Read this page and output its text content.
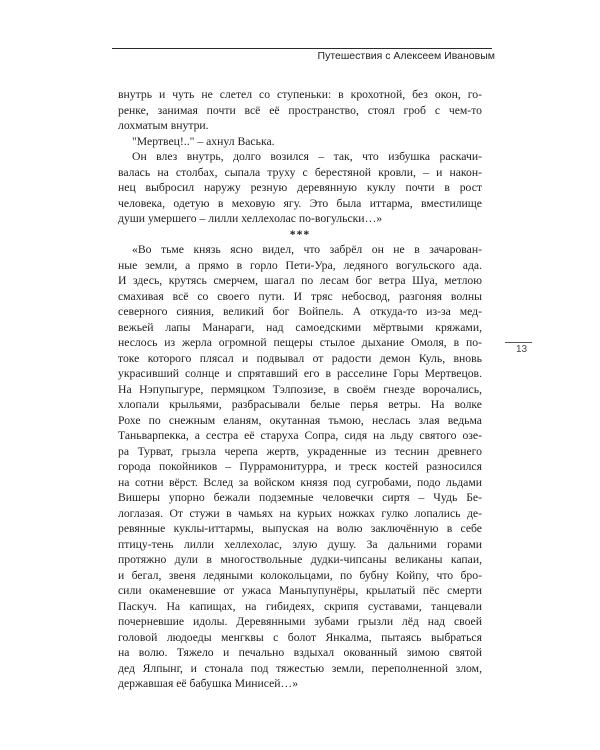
Путешествия с Алексеем Ивановым
13
внутрь и чуть не слетел со ступеньки: в крохотной, без окон, го-
ренке, занимая почти всё её пространство, стоял гроб с чем-то
лохматым внутри.
"Мертвец!.." – ахнул Васька.
Он влез внутрь, долго возился – так, что избушка раскачи-
валась на столбах, сыпала труху с берестяной кровли, – и након-
нец выбросил наружу резную деревянную куклу почти в рост
человека, одетую в меховую ягу. Это была иттарма, вместилище
души умершего – лилли хеллехолас по-вогульски…»
***
«Во тьме князь ясно видел, что забрёл он не в зачарован-
ные земли, а прямо в горло Пети-Ура, ледяного вогульского ада.
И здесь, крутясь смерчем, шагал по лесам бог ветра Шуа, метлою
смахивая всё со своего пути. И тряс небосвод, разгоняя волны
северного сияния, великий бог Войпель. А откуда-то из-за мед-
вежьей лапы Манараги, над самоедскими мёртвыми кряжами,
неслось из жерла огромной пещеры стылое дыхание Омоля, в по-
токе которого плясал и подвывал от радости демон Куль, вновь
украсивший солнце и спрятавший его в расселине Горы Мертвецов.
На Нэпупыгуре, пермяцком Тэлпозизе, в своём гнезде ворочались,
хлопали крыльями, разбрасывали белые перья ветры. На волке
Рохе по снежным еланям, окутанная тьмою, неслась злая ведьма
Таньварпекка, а сестра её старуха Сопра, сидя на льду святого озе-
ра Турват, грызла черепа жертв, украденные из теснин древнего
города покойников – Пуррамонитурра, и треск костей разносился
на сотни вёрст. Вслед за войском князя под сугробами, подо льдами
Вишеры упорно бежали подземные человечки сиртя – Чудь Бе-
логлазая. От стужи в чамьях на курьих ножках гулко лопались де-
ревянные куклы-иттармы, выпуская на волю заключённую в себе
птицу-тень лилли хеллехолас, злую душу. За дальними горами
протяжно дули в многоствольные дудки-чипсаны великаны капаи,
и бегал, звеня ледяными колокольцами, по бубну Койпу, что бро-
сили окаменевшие от ужаса Маньпупунёры, крылатый пёс смерти
Паскуч. На капищах, на гибидеях, скрипя суставами, танцевали
почерневшие идолы. Деревянными зубами грызли лёд над своей
головой людоеды менгквы с болот Янкалма, пытаясь выбраться
на волю. Тяжело и печально вздыхал окованный зимою святой
дед Ялпынг, и стонала под тяжестью земли, переполненной злом,
державшая её бабушка Минисей…»
